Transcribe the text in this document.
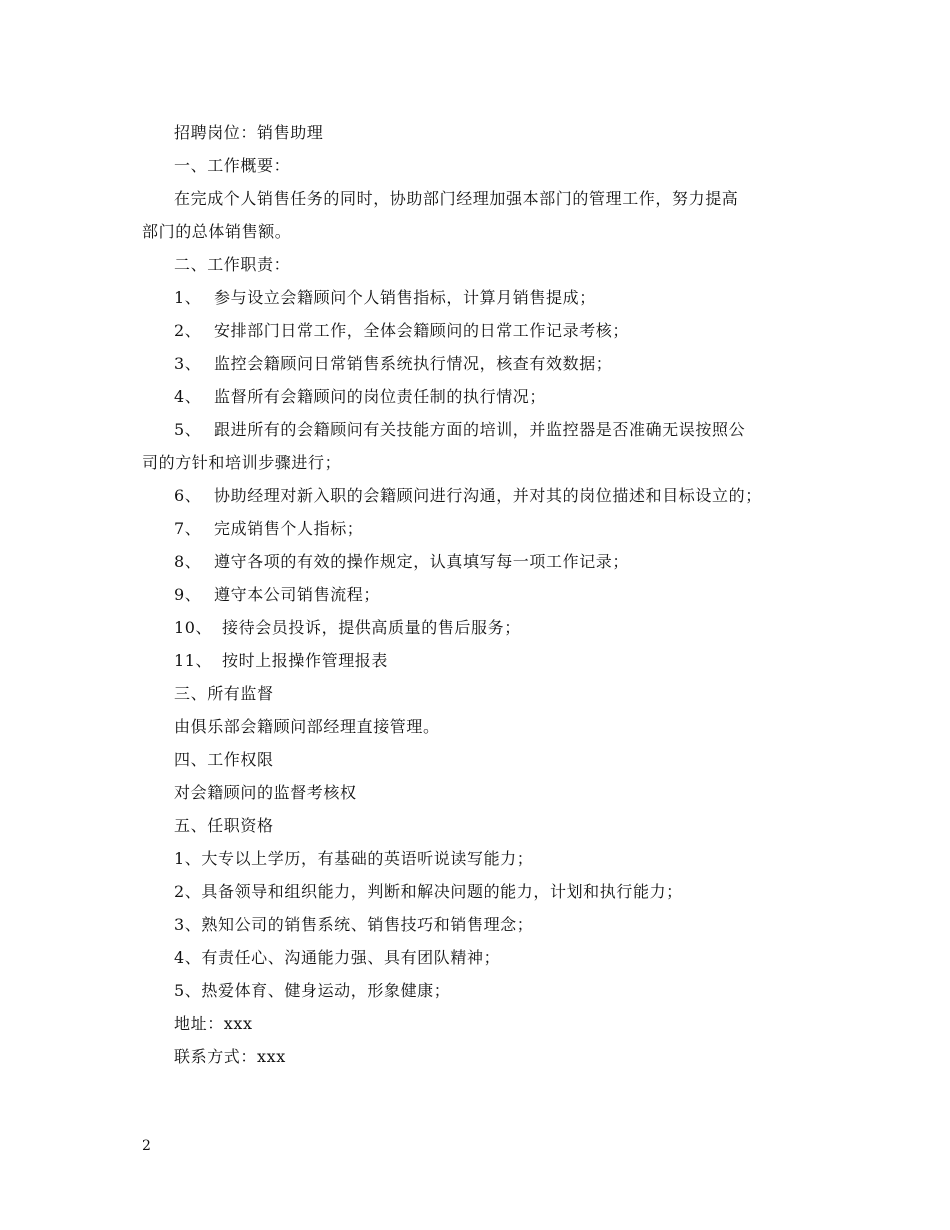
招聘岗位：销售助理
一、工作概要：
在完成个人销售任务的同时，协助部门经理加强本部门的管理工作，努力提高
部门的总体销售额。
二、工作职责：
1、 参与设立会籍顾问个人销售指标，计算月销售提成；
2、 安排部门日常工作，全体会籍顾问的日常工作记录考核；
3、 监控会籍顾问日常销售系统执行情况，核查有效数据；
4、 监督所有会籍顾问的岗位责任制的执行情况；
5、 跟进所有的会籍顾问有关技能方面的培训，并监控器是否准确无误按照公
司的方针和培训步骤进行；
6、 协助经理对新入职的会籍顾问进行沟通，并对其的岗位描述和目标设立的；
7、 完成销售个人指标；
8、 遵守各项的有效的操作规定，认真填写每一项工作记录；
9、 遵守本公司销售流程；
10、 接待会员投诉，提供高质量的售后服务；
11、 按时上报操作管理报表
三、所有监督
由俱乐部会籍顾问部经理直接管理。
四、工作权限
对会籍顾问的监督考核权
五、任职资格
1、大专以上学历，有基础的英语听说读写能力；
2、具备领导和组织能力，判断和解决问题的能力，计划和执行能力；
3、熟知公司的销售系统、销售技巧和销售理念；
4、有责任心、沟通能力强、具有团队精神；
5、热爱体育、健身运动，形象健康；
地址：xxx
联系方式：xxx
2
